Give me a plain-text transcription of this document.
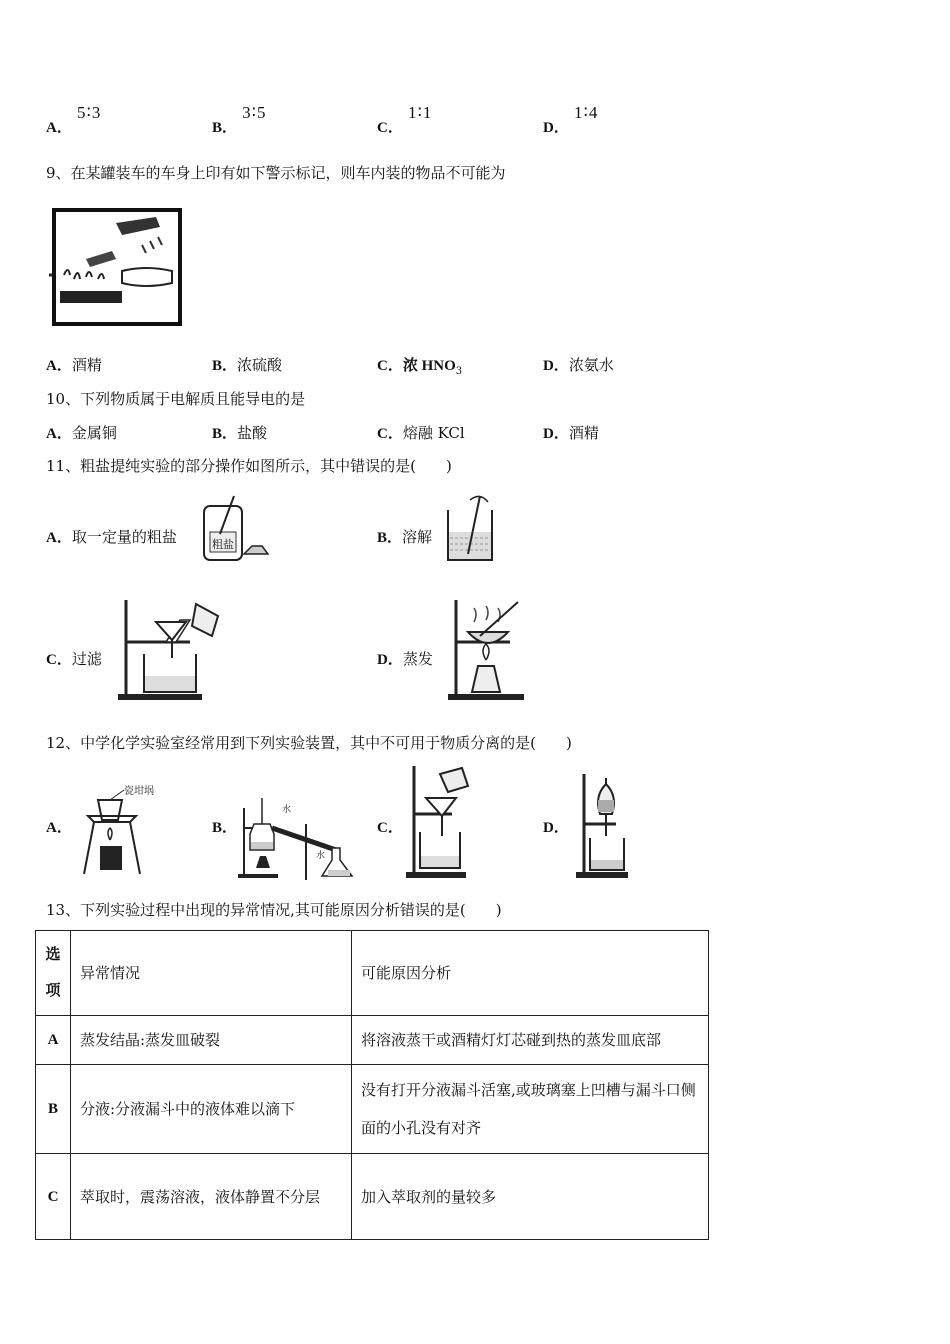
A． 5∶3
B． 3∶5
C． 1∶1
D． 1∶4
9、在某罐装车的车身上印有如下警示标记，则车内装的物品不可能为
A．酒精	B．浓硫酸	C．浓 $HNO_3$	D．浓氨水
10、下列物质属于电解质且能导电的是
A．金属铜	B．盐酸	C．熔融 KCl	D．酒精
11、粗盐提纯实验的部分操作如图所示，其中错误的是(　　)
A．取一定量的粗盐	粗盐	B．溶解
C．过滤	D．蒸发
12、中学化学实验室经常用到下列实验装置，其中不可用于物质分离的是(　　)
A．
瓷坩埚
B．
水
水
C．	D．
13、下列实验过程中出现的异常情况,其可能原因分析错误的是(　　)
选
项	异常情况	可能原因分析
A	蒸发结晶:蒸发皿破裂	将溶液蒸干或酒精灯灯芯碰到热的蒸发皿底部
B	分液:分液漏斗中的液体难以滴下	没有打开分液漏斗活塞,或玻璃塞上凹槽与漏斗口侧面的小孔没有对齐
C	萃取时，震荡溶液，液体静置不分层	加入萃取剂的量较多
